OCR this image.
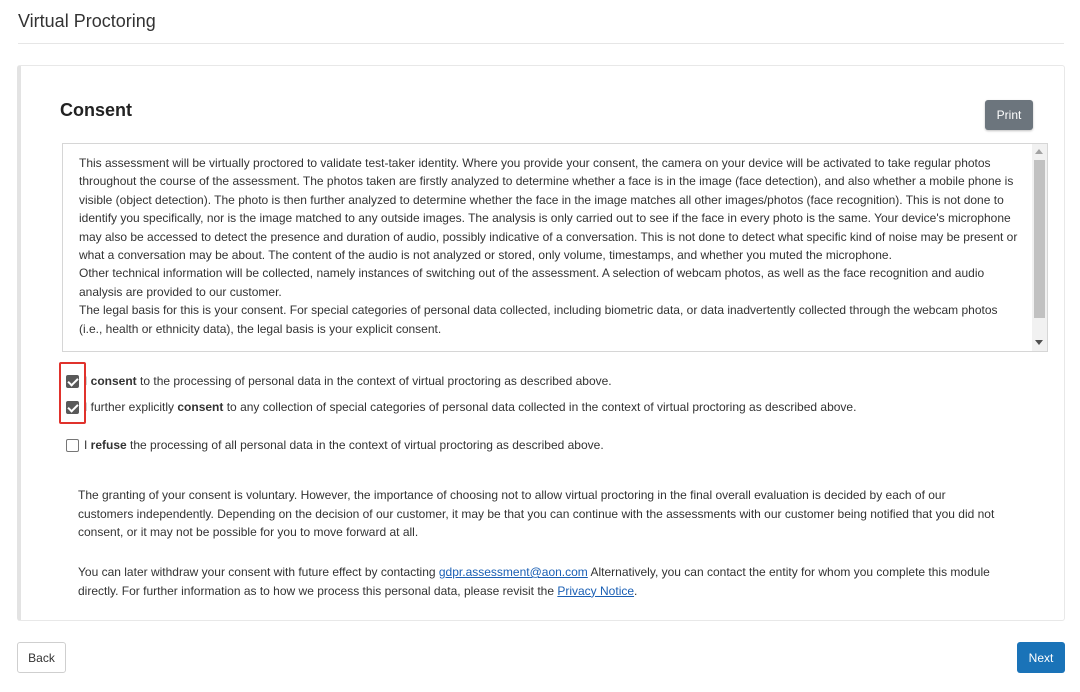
Virtual Proctoring
Consent	Print

This assessment will be virtually proctored to validate test-taker identity. Where you provide your consent, the camera on your device will be activated to take regular photos throughout the course of the assessment. The photos taken are firstly analyzed to determine whether a face is in the image (face detection), and also whether a mobile phone is visible (object detection). The photo is then further analyzed to determine whether the face in the image matches all other images/photos (face recognition). This is not done to identify you specifically, nor is the image matched to any outside images. The analysis is only carried out to see if the face in every photo is the same. Your device's microphone may also be accessed to detect the presence and duration of audio, possibly indicative of a conversation. This is not done to detect what specific kind of noise may be present or what a conversation may be about. The content of the audio is not analyzed or stored, only volume, timestamps, and whether you muted the microphone.

Other technical information will be collected, namely instances of switching out of the assessment. A selection of webcam photos, as well as the face recognition and audio analysis are provided to our customer.

The legal basis for this is your consent. For special categories of personal data collected, including biometric data, or data inadvertently collected through the webcam photos (i.e., health or ethnicity data), the legal basis is your explicit consent.

I consent to the processing of personal data in the context of virtual proctoring as described above.
I further explicitly consent to any collection of special categories of personal data collected in the context of virtual proctoring as described above.
I refuse the processing of all personal data in the context of virtual proctoring as described above.
The granting of your consent is voluntary. However, the importance of choosing not to allow virtual proctoring in the final overall evaluation is decided by each of our customers independently. Depending on the decision of our customer, it may be that you can continue with the assessments with our customer being notified that you did not consent, or it may not be possible for you to move forward at all.
You can later withdraw your consent with future effect by contacting gdpr.assessment@aon.com Alternatively, you can contact the entity for whom you complete this module directly. For further information as to how we process this personal data, please revisit the Privacy Notice.
Back	Next
